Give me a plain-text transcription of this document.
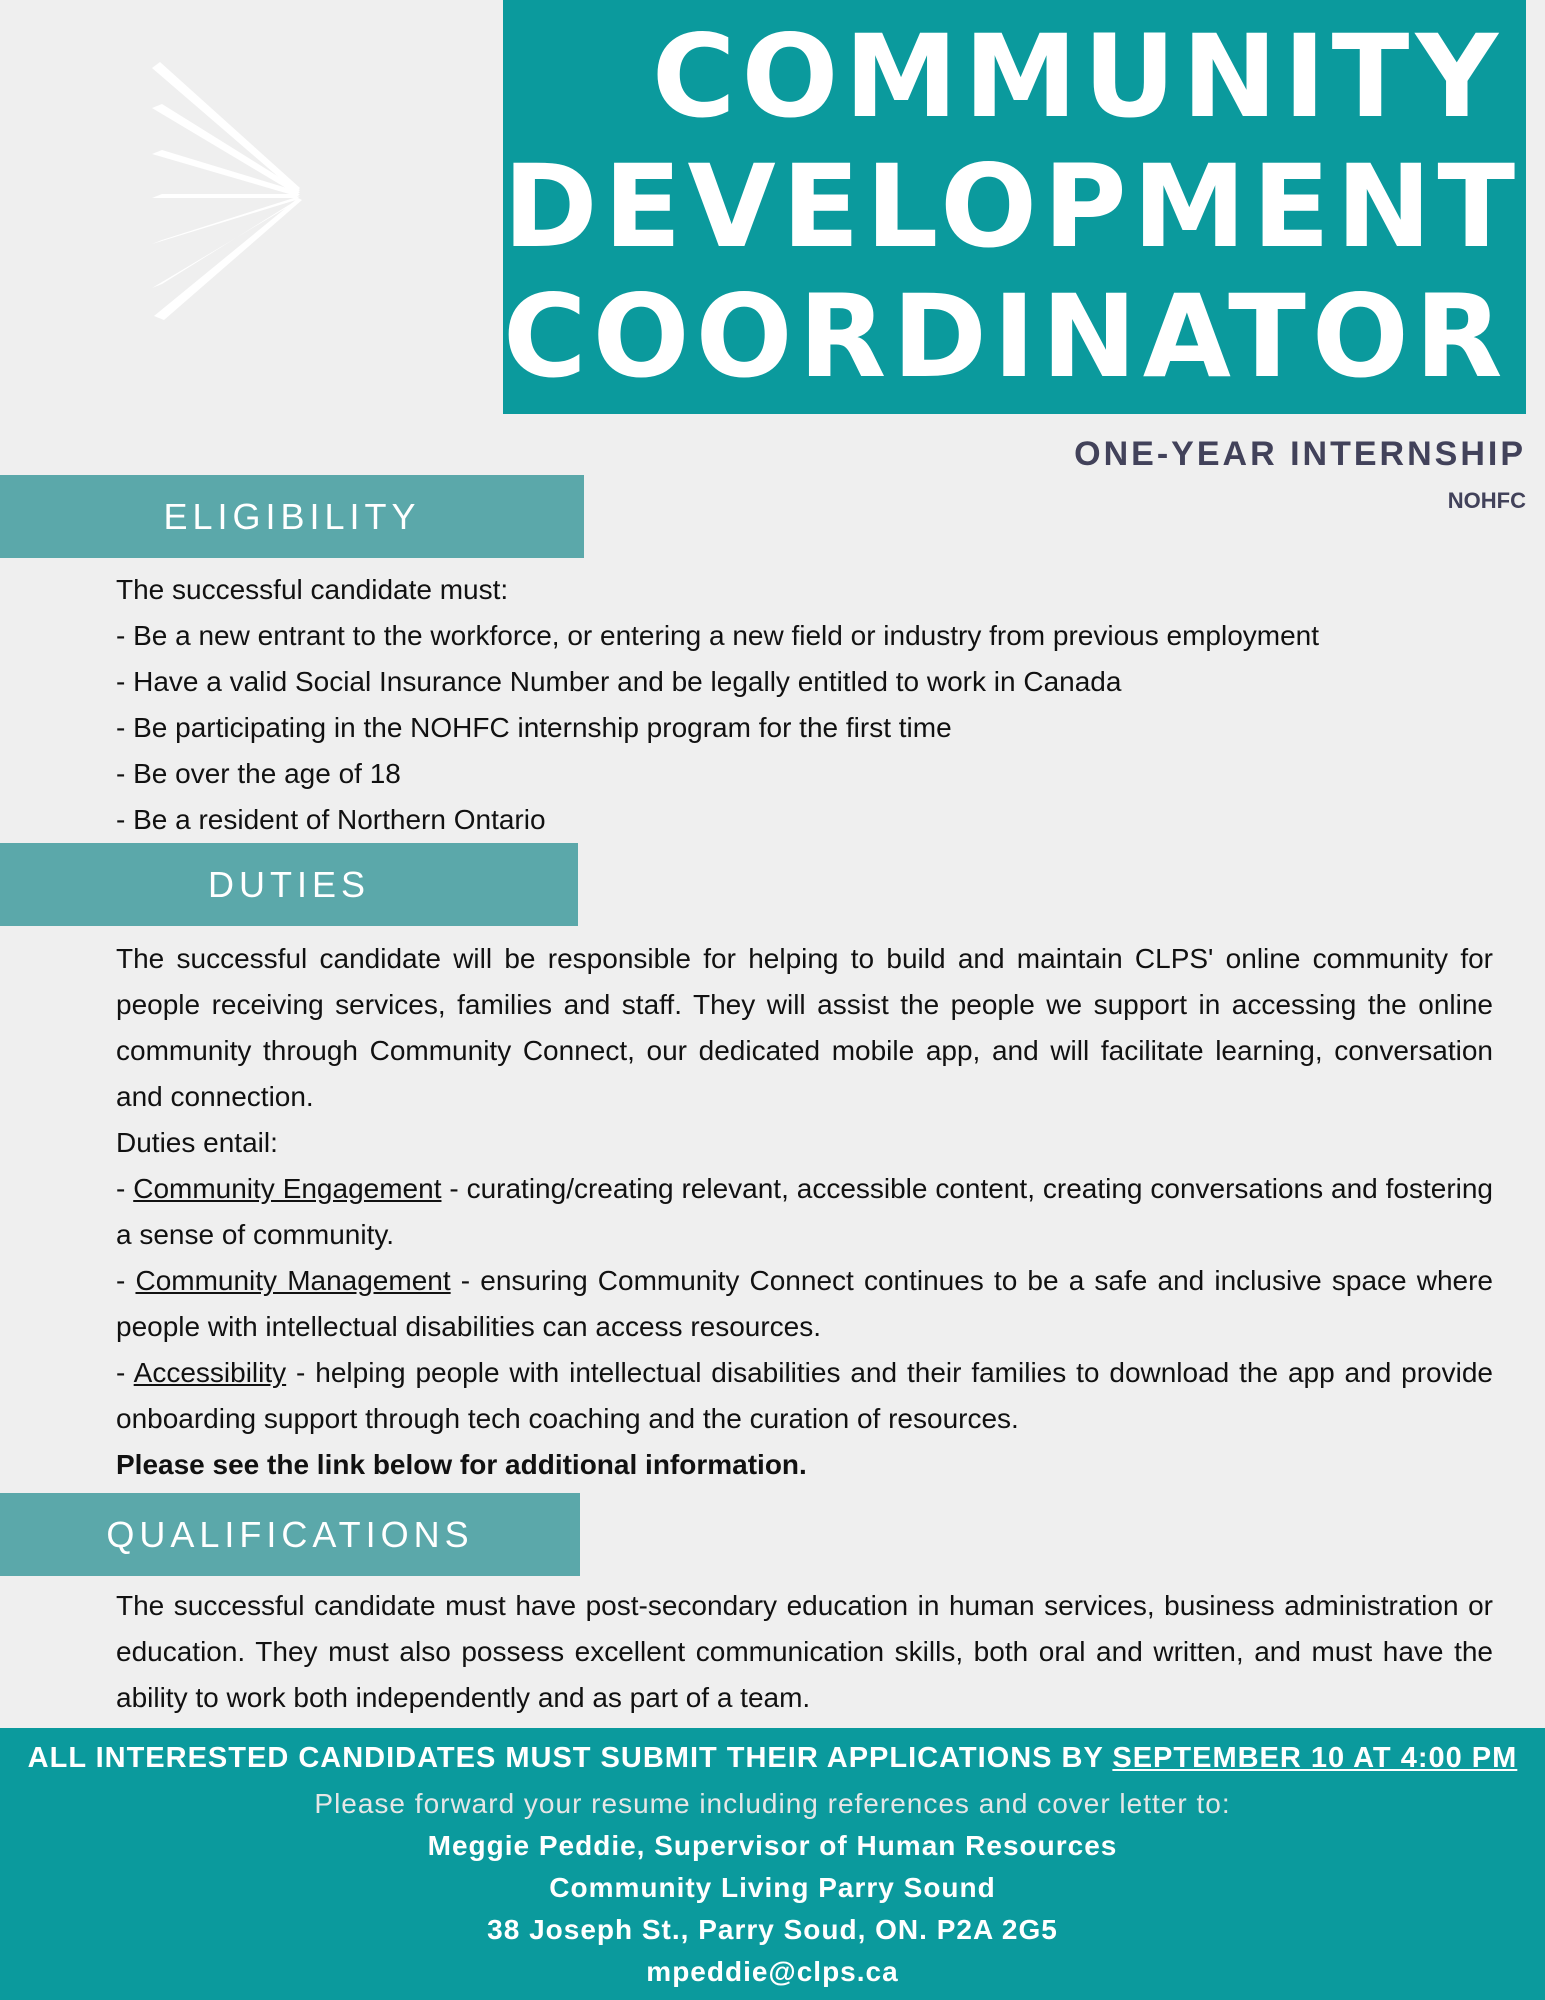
COMMUNITY
DEVELOPMENT
COORDINATOR
ONE-YEAR INTERNSHIP
NOHFC
ELIGIBILITY
The successful candidate must:
- Be a new entrant to the workforce, or entering a new field or industry from previous employment
- Have a valid Social Insurance Number and be legally entitled to work in Canada
- Be participating in the NOHFC internship program for the first time
- Be over the age of 18
- Be a resident of Northern Ontario
DUTIES

The successful candidate will be responsible for helping to build and maintain CLPS' online community for people receiving services, families and staff. They will assist the people we support in accessing the online community through Community Connect, our dedicated mobile app, and will facilitate learning, conversation and connection.

Duties entail:

- Community Engagement - curating/creating relevant, accessible content, creating conversations and fostering a sense of community.

- Community Management - ensuring Community Connect continues to be a safe and inclusive space where people with intellectual disabilities can access resources.

- Accessibility - helping people with intellectual disabilities and their families to download the app and provide onboarding support through tech coaching and the curation of resources.

Please see the link below for additional information.

QUALIFICATIONS

The successful candidate must have post-secondary education in human services, business administration or education. They must also possess excellent communication skills, both oral and written, and must have the ability to work both independently and as part of a team.

ALL INTERESTED CANDIDATES MUST SUBMIT THEIR APPLICATIONS BY SEPTEMBER 10 AT 4:00 PM
Please forward your resume including references and cover letter to:
Meggie Peddie, Supervisor of Human Resources
Community Living Parry Sound
38 Joseph St., Parry Soud, ON. P2A 2G5
mpeddie@clps.ca
